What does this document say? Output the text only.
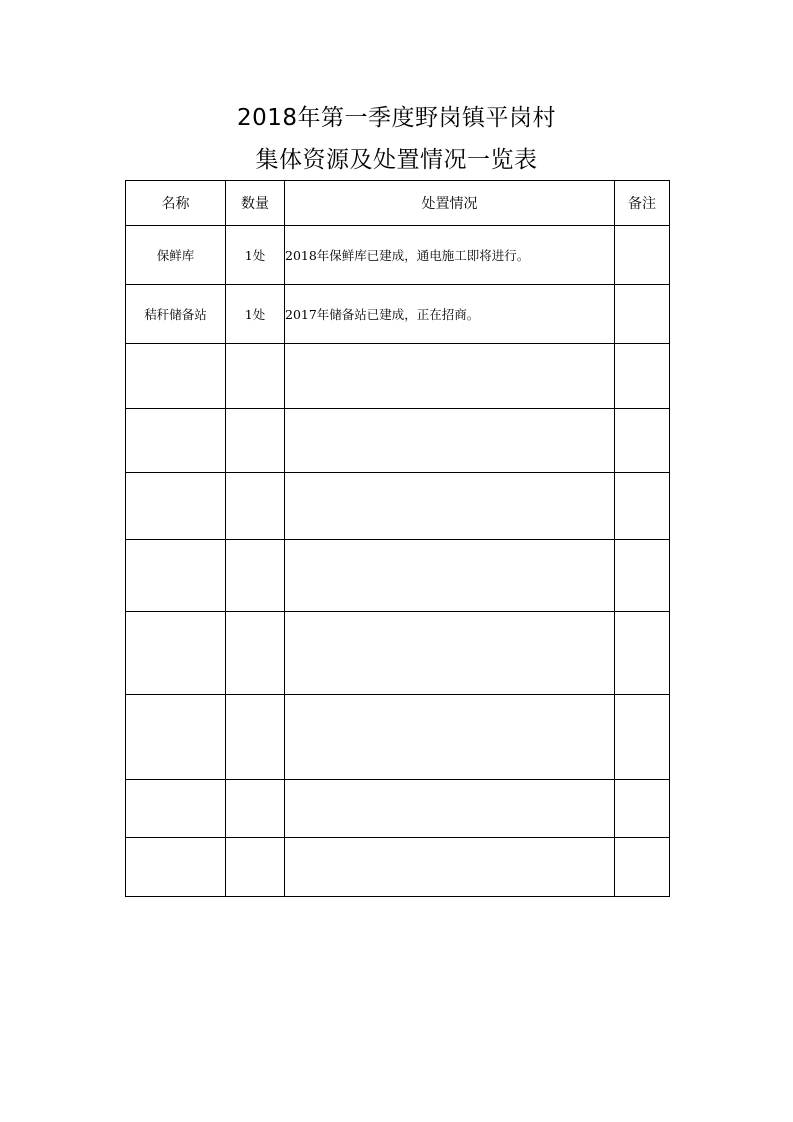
2018年第一季度野岗镇平岗村
集体资源及处置情况一览表
名称	数量	处置情况	备注
保鲜库	1处	2018年保鲜库已建成，通电施工即将进行。	
秸秆储备站	1处	2017年储备站已建成，正在招商。	
